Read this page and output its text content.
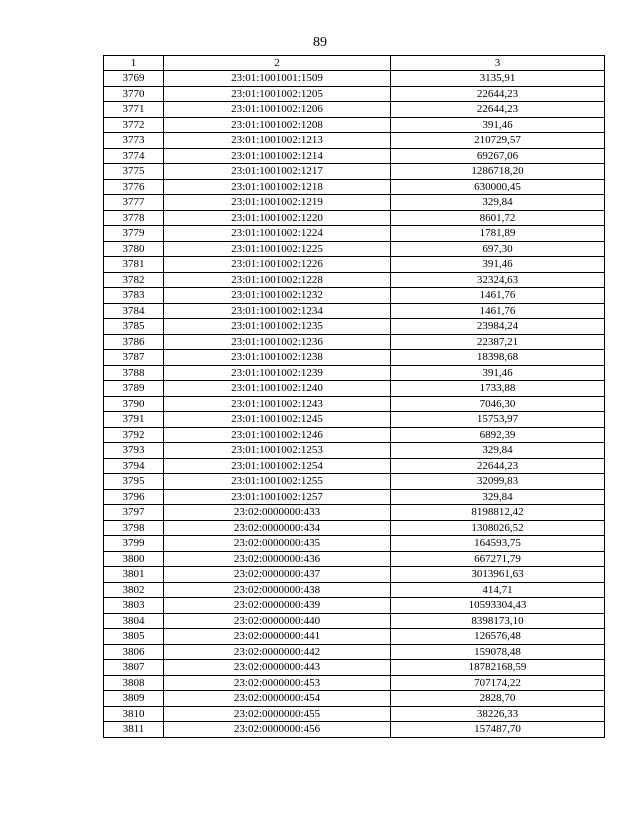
89
1	2	3
3769	23:01:1001001:1509	3135,91
3770	23:01:1001002:1205	22644,23
3771	23:01:1001002:1206	22644,23
3772	23:01:1001002:1208	391,46
3773	23:01:1001002:1213	210729,57
3774	23:01:1001002:1214	69267,06
3775	23:01:1001002:1217	1286718,20
3776	23:01:1001002:1218	630000,45
3777	23:01:1001002:1219	329,84
3778	23:01:1001002:1220	8601,72
3779	23:01:1001002:1224	1781,89
3780	23:01:1001002:1225	697,30
3781	23:01:1001002:1226	391,46
3782	23:01:1001002:1228	32324,63
3783	23:01:1001002:1232	1461,76
3784	23:01:1001002:1234	1461,76
3785	23:01:1001002:1235	23984,24
3786	23:01:1001002:1236	22387,21
3787	23:01:1001002:1238	18398,68
3788	23:01:1001002:1239	391,46
3789	23:01:1001002:1240	1733,88
3790	23:01:1001002:1243	7046,30
3791	23:01:1001002:1245	15753,97
3792	23:01:1001002:1246	6892,39
3793	23:01:1001002:1253	329,84
3794	23:01:1001002:1254	22644,23
3795	23:01:1001002:1255	32099,83
3796	23:01:1001002:1257	329,84
3797	23:02:0000000:433	8198812,42
3798	23:02:0000000:434	1308026,52
3799	23:02:0000000:435	164593,75
3800	23:02:0000000:436	667271,79
3801	23:02:0000000:437	3013961,63
3802	23:02:0000000:438	414,71
3803	23:02:0000000:439	10593304,43
3804	23:02:0000000:440	8398173,10
3805	23:02:0000000:441	126576,48
3806	23:02:0000000:442	159078,48
3807	23:02:0000000:443	18782168,59
3808	23:02:0000000:453	707174,22
3809	23:02:0000000:454	2828,70
3810	23:02:0000000:455	38226,33
3811	23:02:0000000:456	157487,70
